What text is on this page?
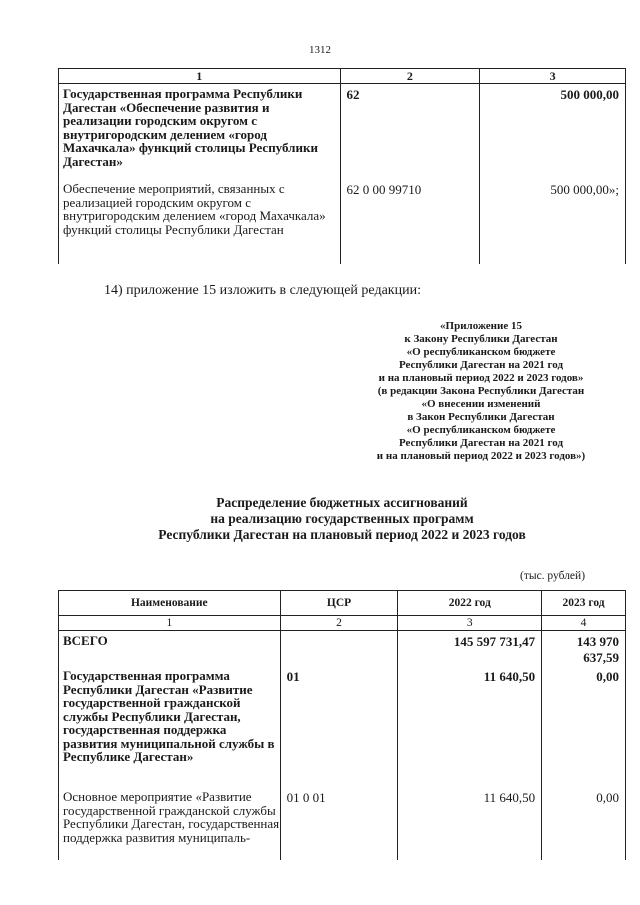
1312
1	2	3
Государственная программа Республики Дагестан «Обеспечение развития и реализации городским округом с внутригородским делением «город Махачкала» функций столицы Республики Дагестан»	62	500 000,00
Обеспечение мероприятий, связанных с реализацией городским округом с внутригородским делением «город Махачкала» функций столицы Республики Дагестан	62 0 00 99710	500 000,00»;
14) приложение 15 изложить в следующей редакции:
«Приложение 15
к Закону Республики Дагестан
«О республиканском бюджете
Республики Дагестан на 2021 год
и на плановый период 2022 и 2023 годов»
(в редакции Закона Республики Дагестан
«О внесении изменений
в Закон Республики Дагестан
«О республиканском бюджете
Республики Дагестан на 2021 год
и на плановый период 2022 и 2023 годов»)
Распределение бюджетных ассигнований
на реализацию государственных программ
Республики Дагестан на плановый период 2022 и 2023 годов
(тыс. рублей)
Наименование	ЦСР	2022 год	2023 год
1	2	3	4
ВСЕГО		145 597 731,47	143 970 637,59
Государственная программа Республики Дагестан «Развитие государственной гражданской службы Республики Дагестан, государственная поддержка развития муниципальной службы в Республике Дагестан»	01	11 640,50	0,00
Основное мероприятие «Развитие государственной гражданской службы Республики Дагестан, государственная поддержка развития муниципаль-	01 0 01	11 640,50	0,00
